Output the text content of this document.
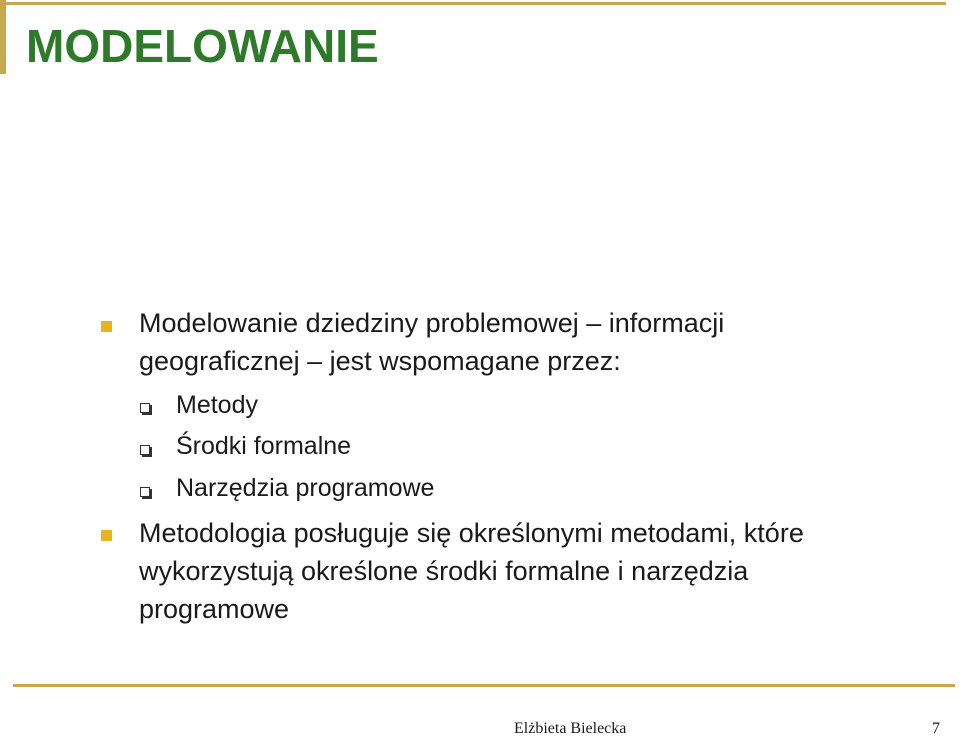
MODELOWANIE
Modelowanie dziedziny problemowej – informacji
geograficznej – jest wspomagane przez:
Metody
Środki formalne
Narzędzia programowe
Metodologia posługuje się określonymi metodami, które
wykorzystują określone środki formalne i narzędzia
programowe
Elżbieta Bielecka	7
